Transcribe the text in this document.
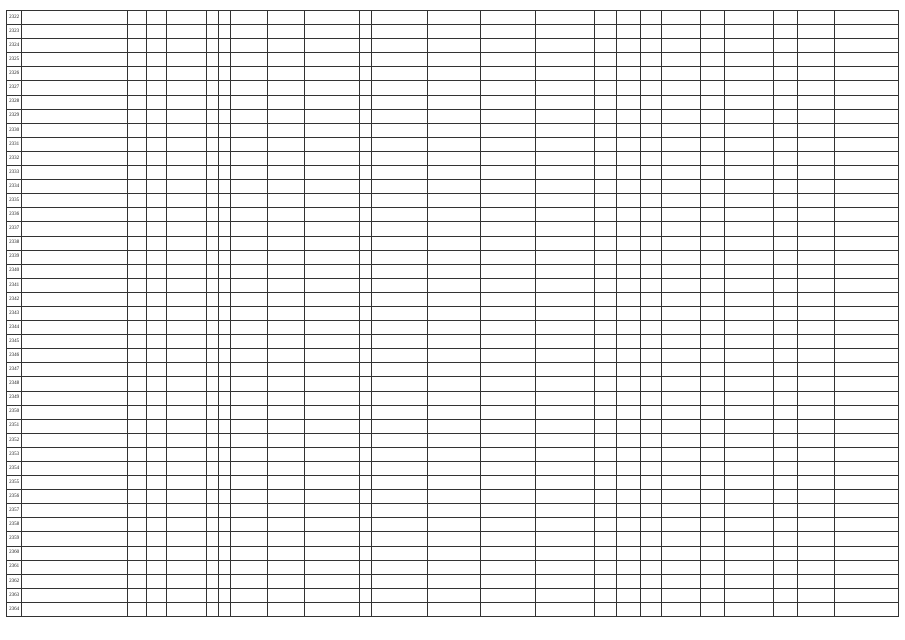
2322																							
2323																							
2324																							
2325																							
2326																							
2327																							
2328																							
2329																							
2330																							
2331																							
2332																							
2333																							
2334																							
2335																							
2336																							
2337																							
2338																							
2339																							
2340																							
2341																							
2342																							
2343																							
2344																							
2345																							
2346																							
2347																							
2348																							
2349																							
2350																							
2351																							
2352																							
2353																							
2354																							
2355																							
2356																							
2357																							
2358																							
2359																							
2360																							
2361																							
2362																							
2363																							
2364																							
